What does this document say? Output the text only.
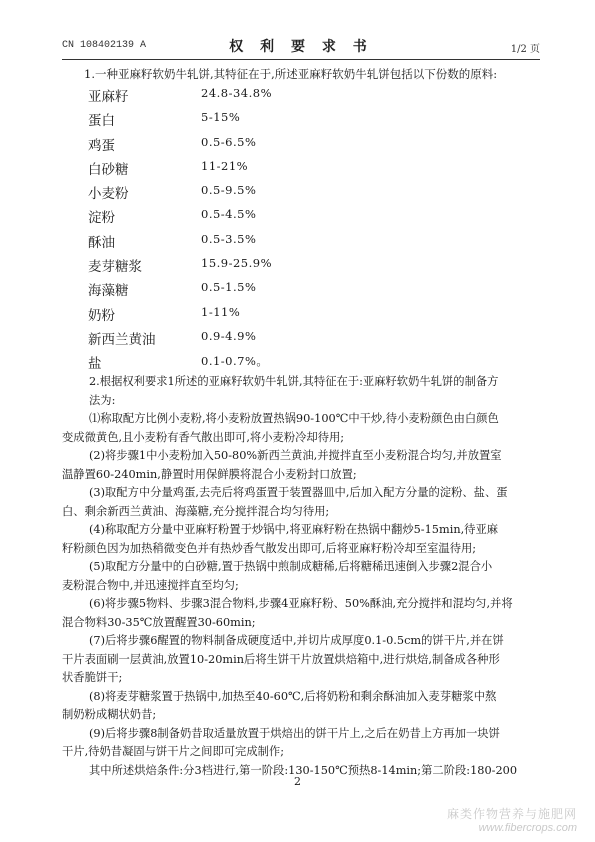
CN 108402139 A	权 利 要 求 书	1/2 页
1.一种亚麻籽软奶牛轧饼,其特征在于,所述亚麻籽软奶牛轧饼包括以下份数的原料:
亚麻籽	24.8-34.8%
蛋白	5-15%
鸡蛋	0.5-6.5%
白砂糖	11-21%
小麦粉	0.5-9.5%
淀粉	0.5-4.5%
酥油	0.5-3.5%
麦芽糖浆	15.9-25.9%
海藻糖	0.5-1.5%
奶粉	1-11%
新西兰黄油	0.9-4.9%
盐	0.1-0.7%。

2.根据权利要求1所述的亚麻籽软奶牛轧饼,其特征在于:亚麻籽软奶牛轧饼的制备方

法为:

⑴称取配方比例小麦粉,将小麦粉放置热锅90-100℃中干炒,待小麦粉颜色由白颜色

变成微黄色,且小麦粉有香气散出即可,将小麦粉冷却待用;

(2)将步骤1中小麦粉加入50-80%新西兰黄油,并搅拌直至小麦粉混合均匀,并放置室

温静置60-240min,静置时用保鲜膜将混合小麦粉封口放置;

(3)取配方中分量鸡蛋,去壳后将鸡蛋置于装置器皿中,后加入配方分量的淀粉、盐、蛋

白、剩余新西兰黄油、海藻糖,充分搅拌混合均匀待用;

(4)称取配方分量中亚麻籽粉置于炒锅中,将亚麻籽粉在热锅中翻炒5-15min,待亚麻

籽粉颜色因为加热稍微变色并有热炒香气散发出即可,后将亚麻籽粉冷却至室温待用;

(5)取配方分量中的白砂糖,置于热锅中煎制成糖稀,后将糖稀迅速倒入步骤2混合小

麦粉混合物中,并迅速搅拌直至均匀;

(6)将步骤5物料、步骤3混合物料,步骤4亚麻籽粉、50%酥油,充分搅拌和混均匀,并将

混合物料30-35℃放置醒置30-60min;

(7)后将步骤6醒置的物料制备成硬度适中,并切片成厚度0.1-0.5cm的饼干片,并在饼

干片表面刷一层黄油,放置10-20min后将生饼干片放置烘焙箱中,进行烘焙,制备成各种形

状香脆饼干;

(8)将麦芽糖浆置于热锅中,加热至40-60℃,后将奶粉和剩余酥油加入麦芽糖浆中熬

制奶粉成糊状奶昔;

(9)后将步骤8制备奶昔取适量放置于烘焙出的饼干片上,之后在奶昔上方再加一块饼

干片,待奶昔凝固与饼干片之间即可完成制作;

其中所述烘焙条件:分3档进行,第一阶段:130-150℃预热8-14min;第二阶段:180-200

2
麻类作物营养与施肥网
www.fibercrops.com
